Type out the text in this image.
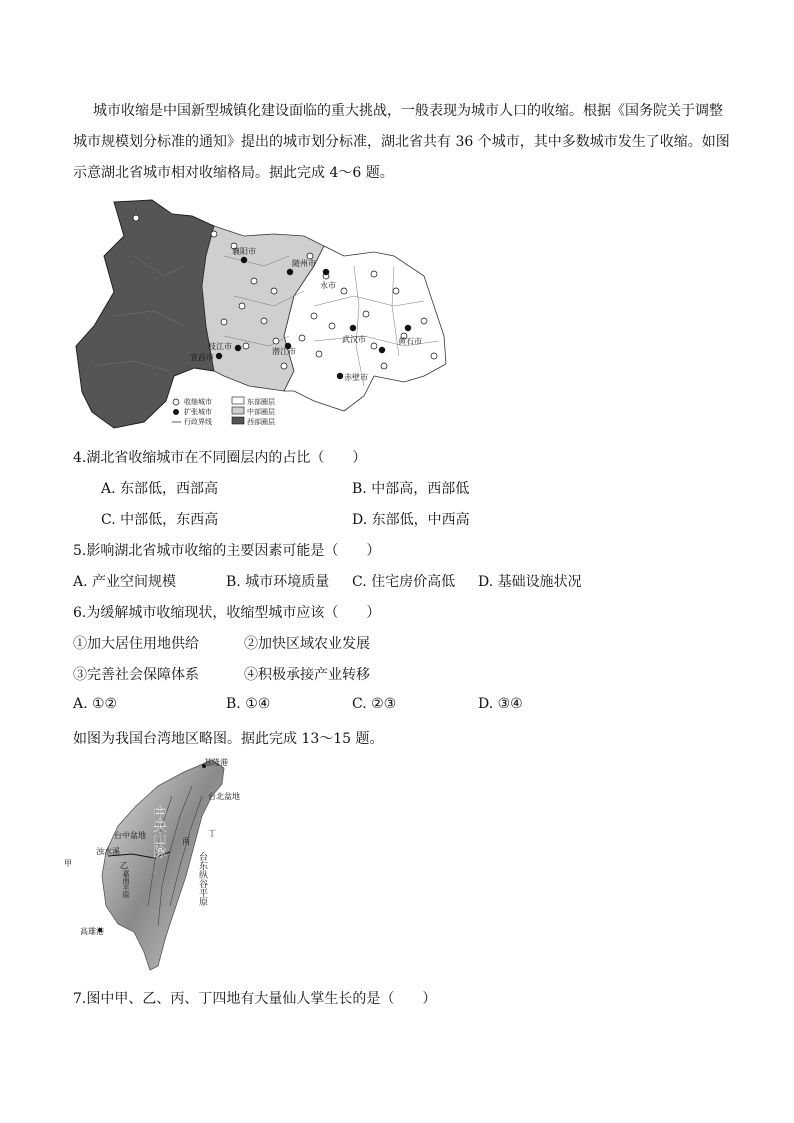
城市收缩是中国新型城镇化建设面临的重大挑战，一般表现为城市人口的收缩。根据《国务院关于调整
城市规模划分标准的通知》提出的城市划分标准，湖北省共有 36 个城市，其中多数城市发生了收缩。如图
示意湖北省城市相对收缩格局。据此完成 4～6 题。
襄阳市
随州市
永市
武汉市	黄石市
枝江市
宜昌市
潜江市
赤壁市
收缩城市
扩张城市
行政界线
东部圈层
中部圈层
西部圈层
4.湖北省收缩城市在不同圈层内的占比（　　）
A. 东部低，西部高	B. 中部高，西部低
C. 中部低，东西高	D. 东部低，中西高
5.影响湖北省城市收缩的主要因素可能是（　　）
A. 产业空间规模	B. 城市环境质量 C. 住宅房价高低 D. 基础设施状况
6.为缓解城市收缩现状，收缩型城市应该（　　）
①加大居住用地供给	②加快区域农业发展
③完善社会保障体系	④积极承接产业转移
A. ①②	B. ①④	C. ②③	D. ③④
如图为我国台湾地区略图。据此完成 13～15 题。
基隆港
台北盆地
台中盆地
浊水溪
甲	乙
丙
丁
高雄港
中央山脉
台东纵谷平原
嘉南平原
7.图中甲、乙、丙、丁四地有大量仙人掌生长的是（　　）
